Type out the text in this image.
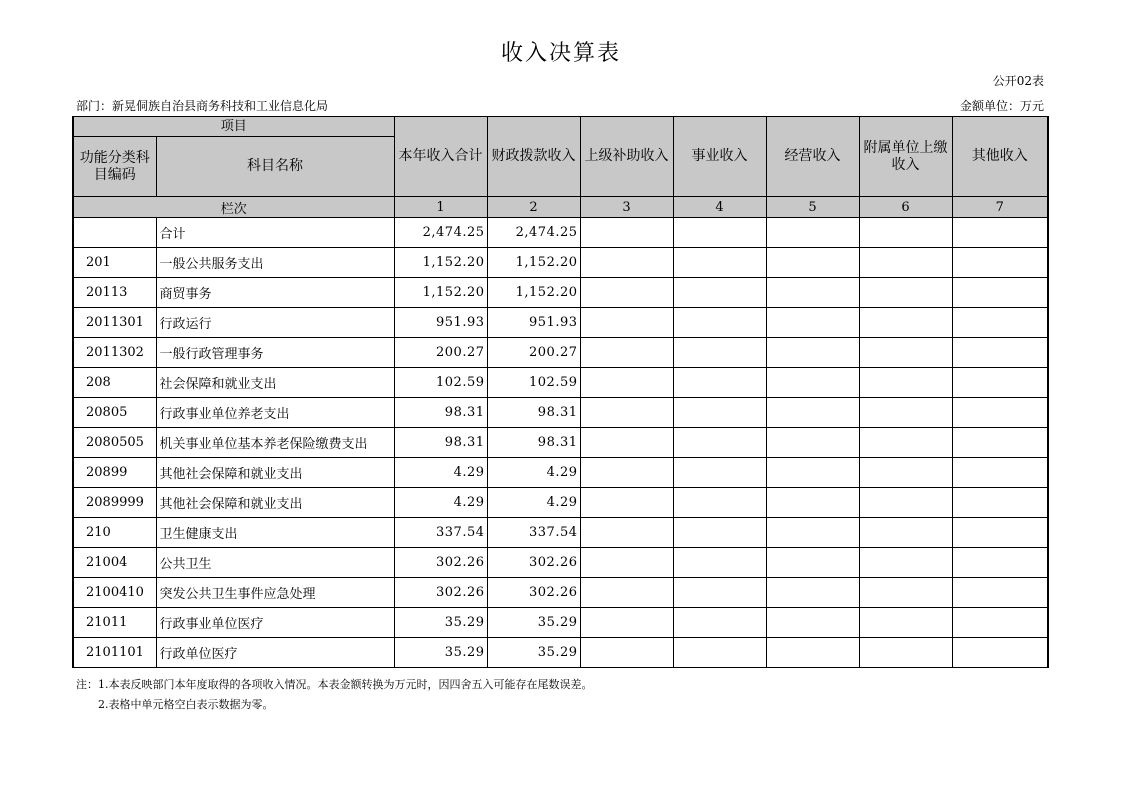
收入决算表
公开02表
部门：新晃侗族自治县商务科技和工业信息化局	金额单位：万元
项目		本年收入合计	财政拨款收入	上级补助收入	事业收入	经营收入	附属单位上缴收入	其他收入
功能分类科目编码	科目名称							
栏次		1	2	3	4	5	6	7
	合计	2,474.25	2,474.25					
201	一般公共服务支出	1,152.20	1,152.20					
20113	商贸事务	1,152.20	1,152.20					
2011301	行政运行	951.93	951.93					
2011302	一般行政管理事务	200.27	200.27					
208	社会保障和就业支出	102.59	102.59					
20805	行政事业单位养老支出	98.31	98.31					
2080505	机关事业单位基本养老保险缴费支出	98.31	98.31					
20899	其他社会保障和就业支出	4.29	4.29					
2089999	其他社会保障和就业支出	4.29	4.29					
210	卫生健康支出	337.54	337.54					
21004	公共卫生	302.26	302.26					
2100410	突发公共卫生事件应急处理	302.26	302.26					
21011	行政事业单位医疗	35.29	35.29					
2101101	行政单位医疗	35.29	35.29					
注：1.本表反映部门本年度取得的各项收入情况。本表金额转换为万元时，因四舍五入可能存在尾数误差。
2.表格中单元格空白表示数据为零。
